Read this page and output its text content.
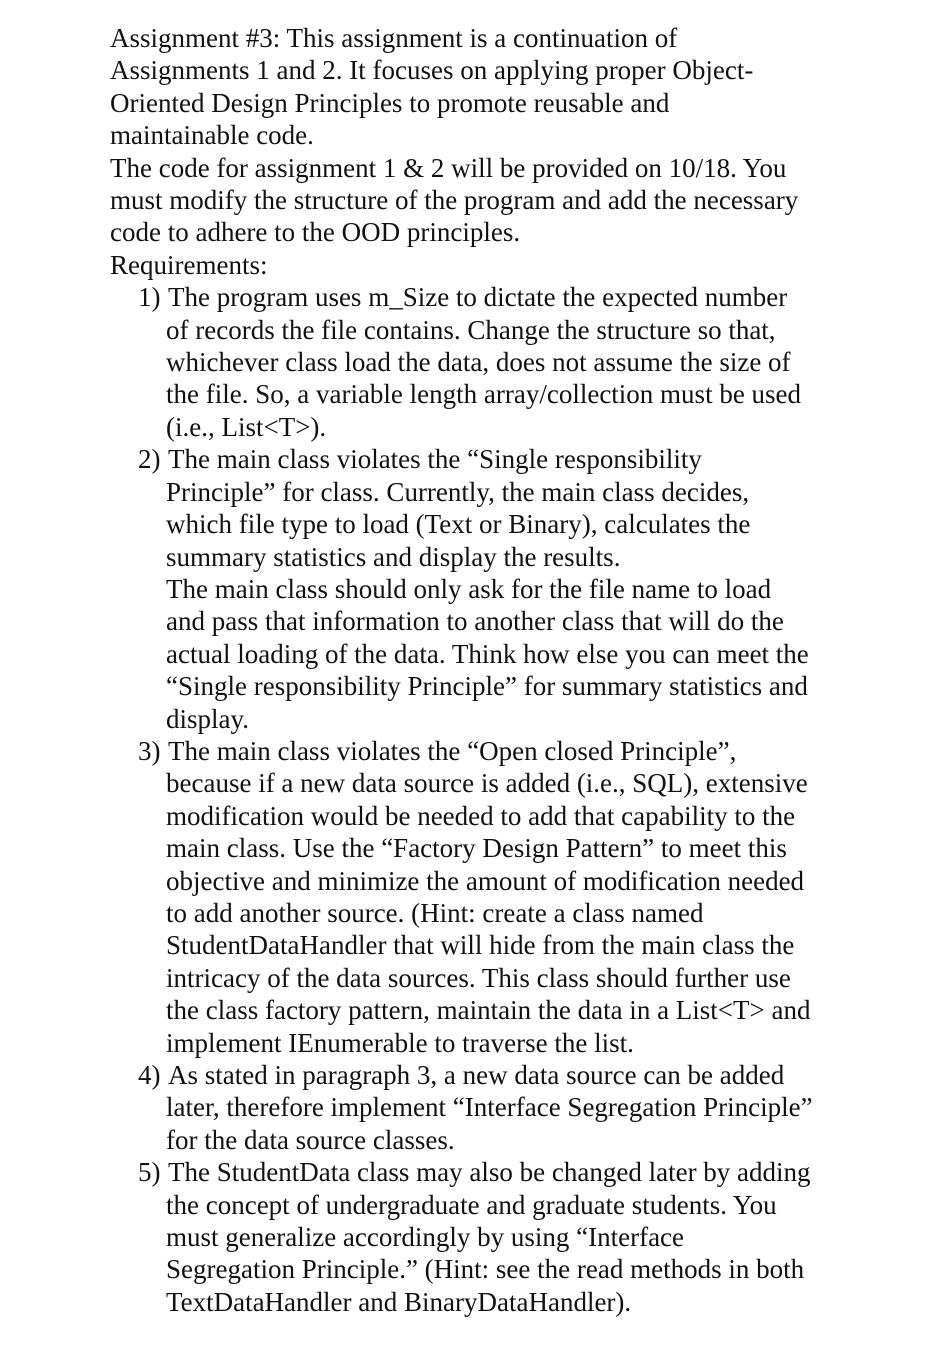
Assignment #3: This assignment is a continuation of

Assignments 1 and 2. It focuses on applying proper Object-

Oriented Design Principles to promote reusable and

maintainable code.

The code for assignment 1 & 2 will be provided on 10/18. You

must modify the structure of the program and add the necessary

code to adhere to the OOD principles.

Requirements:

1) The program uses m_Size to dictate the expected number

of records the file contains. Change the structure so that,

whichever class load the data, does not assume the size of

the file. So, a variable length array/collection must be used

(i.e., List<T>).

2) The main class violates the “Single responsibility

Principle” for class. Currently, the main class decides,

which file type to load (Text or Binary), calculates the

summary statistics and display the results.

The main class should only ask for the file name to load

and pass that information to another class that will do the

actual loading of the data. Think how else you can meet the

“Single responsibility Principle” for summary statistics and

display.

3) The main class violates the “Open closed Principle”,

because if a new data source is added (i.e., SQL), extensive

modification would be needed to add that capability to the

main class. Use the “Factory Design Pattern” to meet this

objective and minimize the amount of modification needed

to add another source. (Hint: create a class named

StudentDataHandler that will hide from the main class the

intricacy of the data sources. This class should further use

the class factory pattern, maintain the data in a List<T> and

implement IEnumerable to traverse the list.

4) As stated in paragraph 3, a new data source can be added

later, therefore implement “Interface Segregation Principle”

for the data source classes.

5) The StudentData class may also be changed later by adding

the concept of undergraduate and graduate students. You

must generalize accordingly by using “Interface

Segregation Principle.” (Hint: see the read methods in both

TextDataHandler and BinaryDataHandler).
